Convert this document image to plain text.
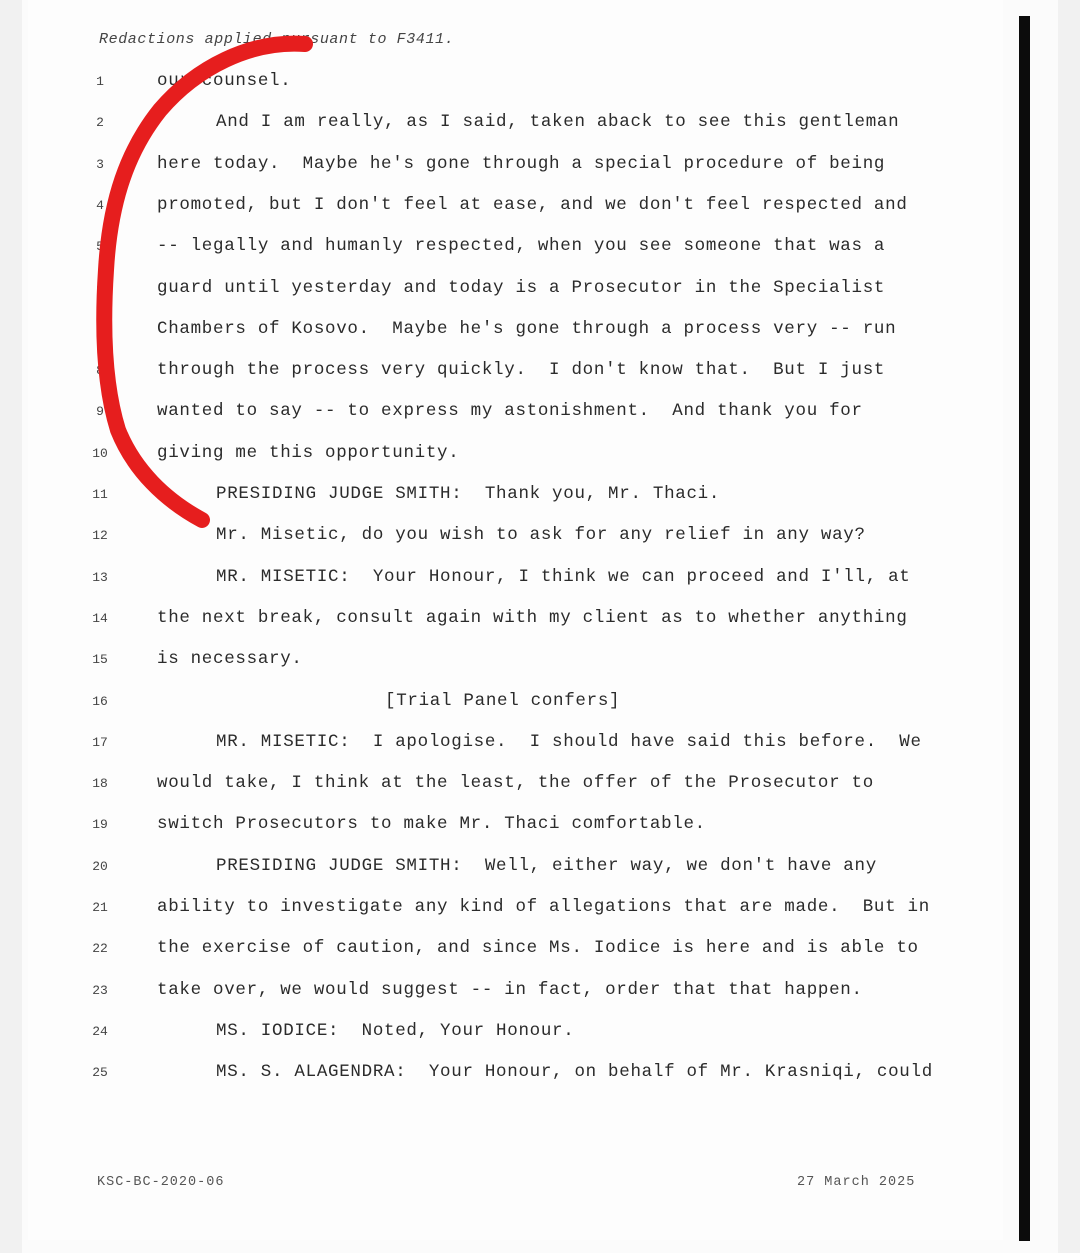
Redactions applied pursuant to F3411.
1	our counsel.
2	And I am really, as I said, taken aback to see this gentleman
3	here today.  Maybe he's gone through a special procedure of being
4	promoted, but I don't feel at ease, and we don't feel respected and
5	-- legally and humanly respected, when you see someone that was a
6	guard until yesterday and today is a Prosecutor in the Specialist
7	Chambers of Kosovo.  Maybe he's gone through a process very -- run
8	through the process very quickly.  I don't know that.  But I just
9	wanted to say -- to express my astonishment.  And thank you for
10	giving me this opportunity.
11	PRESIDING JUDGE SMITH:  Thank you, Mr. Thaci.
12	Mr. Misetic, do you wish to ask for any relief in any way?
13	MR. MISETIC:  Your Honour, I think we can proceed and I'll, at
14	the next break, consult again with my client as to whether anything
15	is necessary.
16	[Trial Panel confers]
17	MR. MISETIC:  I apologise.  I should have said this before.  We
18	would take, I think at the least, the offer of the Prosecutor to
19	switch Prosecutors to make Mr. Thaci comfortable.
20	PRESIDING JUDGE SMITH:  Well, either way, we don't have any
21	ability to investigate any kind of allegations that are made.  But in
22	the exercise of caution, and since Ms. Iodice is here and is able to
23	take over, we would suggest -- in fact, order that that happen.
24	MS. IODICE:  Noted, Your Honour.
25	MS. S. ALAGENDRA:  Your Honour, on behalf of Mr. Krasniqi, could
KSC-BC-2020-06	27 March 2025
